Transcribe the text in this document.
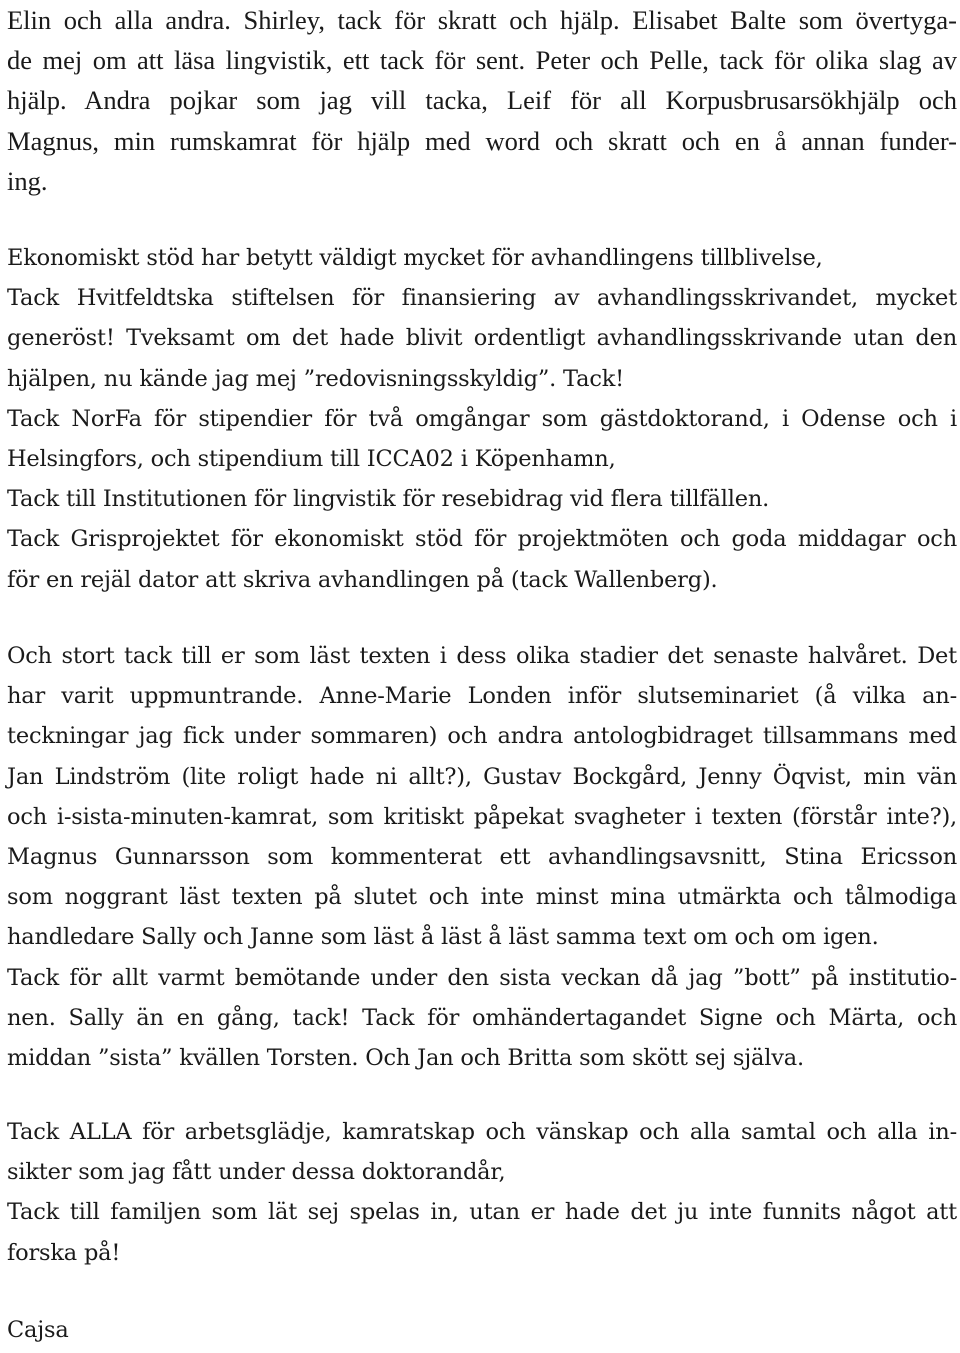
Elin och alla andra. Shirley, tack för skratt och hjälp. Elisabet Balte som övertyga-
de mej om att läsa lingvistik, ett tack för sent. Peter och Pelle, tack för olika slag av
hjälp. Andra pojkar som jag vill tacka, Leif för all Korpusbrusarsökhjälp och
Magnus, min rumskamrat för hjälp med word och skratt och en å annan funder-
ing.
Ekonomiskt stöd har betytt väldigt mycket för avhandlingens tillblivelse,
Tack Hvitfeldtska stiftelsen för finansiering av avhandlingsskrivandet, mycket
generöst! Tveksamt om det hade blivit ordentligt avhandlingsskrivande utan den
hjälpen, nu kände jag mej ”redovisningsskyldig”. Tack!
Tack NorFa för stipendier för två omgångar som gästdoktorand, i Odense och i
Helsingfors, och stipendium till ICCA02 i Köpenhamn,
Tack till Institutionen för lingvistik för resebidrag vid flera tillfällen.
Tack Grisprojektet för ekonomiskt stöd för projektmöten och goda middagar och
för en rejäl dator att skriva avhandlingen på (tack Wallenberg).
Och stort tack till er som läst texten i dess olika stadier det senaste halvåret. Det
har varit uppmuntrande. Anne-Marie Londen inför slutseminariet (å vilka an-
teckningar jag fick under sommaren) och andra antologbidraget tillsammans med
Jan Lindström (lite roligt hade ni allt?), Gustav Bockgård, Jenny Öqvist, min vän
och i-sista-minuten-kamrat, som kritiskt påpekat svagheter i texten (förstår inte?),
Magnus Gunnarsson som kommenterat ett avhandlingsavsnitt, Stina Ericsson
som noggrant läst texten på slutet och inte minst mina utmärkta och tålmodiga
handledare Sally och Janne som läst å läst å läst samma text om och om igen.
Tack för allt varmt bemötande under den sista veckan då jag ”bott” på institutio-
nen. Sally än en gång, tack! Tack för omhändertagandet Signe och Märta, och
middan ”sista” kvällen Torsten. Och Jan och Britta som skött sej själva.
Tack ALLA för arbetsglädje, kamratskap och vänskap och alla samtal och alla in-
sikter som jag fått under dessa doktorandår,
Tack till familjen som lät sej spelas in, utan er hade det ju inte funnits något att
forska på!
Cajsa
